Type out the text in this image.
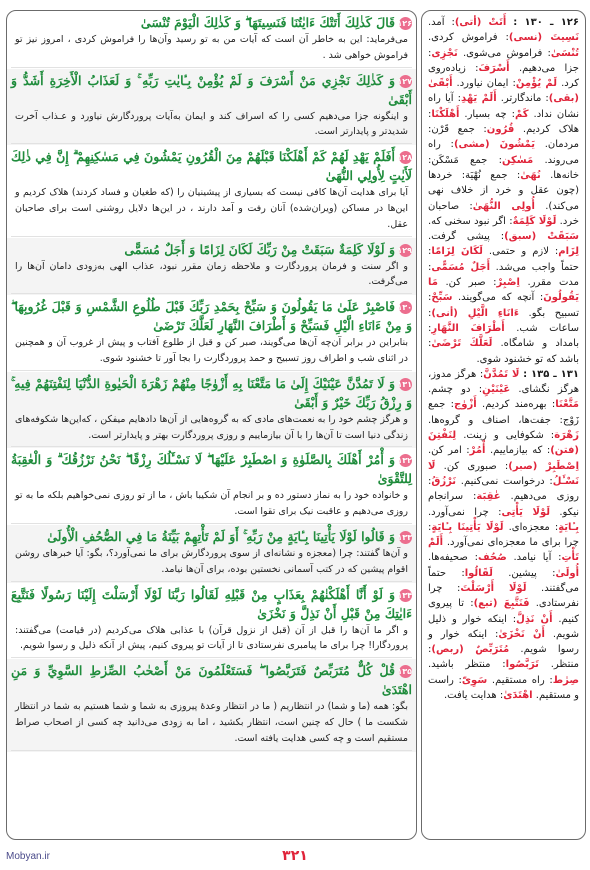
۱۲۶قَالَ كَذٰلِكَ أَتَتْكَ ءَايٰتُنَا فَنَسِيتَهَا ۖ وَ كَذٰلِكَ الْيَوْمَ تُنْسَىٰ
می‌فرماید: این به خاطر آن است که آیات من به تو رسید وآن‌ها را فراموش کردی ، امروز نیز تو فراموش خواهی شد .
۱۲۷وَ كَذٰلِكَ نَجْزِي مَنْ أَسْرَفَ وَ لَمْ يُؤْمِنْ بِـٔايٰتِ رَبِّهِ ۚ وَ لَعَذَابُ الْأَخِرَةِ أَشَدُّ وَ أَبْقَىٰ
و اینگونه جزا می‌دهیم کسی را که اسراف کند و ایمان به‌آیات پروردگارش نیاورد و عـذاب آخرت شدیدتر و پایدارتر است.
۱۲۸أَفَلَمْ يَهْدِ لَهُمْ كَمْ أَهْلَكْنَا قَبْلَهُمْ مِنَ الْقُرُونِ يَمْشُونَ فِي مَسٰكِنِهِمْ ۗ إِنَّ فِي ذٰلِكَ لَأَيٰتٍ لِأُولِي النُّهَىٰ
آیا برای هدایت آن‌ها کافی نیست که بسیاری از پیشینیان را (که طغیان و فساد کردند) هلاک کردیم و این‌ها در مساکن (ویران‌شده) آنان رفت و آمد دارند ، در این‌ها دلایل روشنی است برای صاحبان عقل.
۱۲۹وَ لَوْلَا كَلِمَةٌ سَبَقَتْ مِنْ رَبِّكَ لَكَانَ لِزَامًا وَ أَجَلٌ مُسَمًّى
و اگر سنت و فرمان پروردگارت و ملاحظه زمان مقرر نبود، عذاب الهی به‌زودی دامان آن‌ها را می‌گرفت.
۱۳۰فَاصْبِرْ عَلَىٰ مَا يَقُولُونَ وَ سَبِّحْ بِحَمْدِ رَبِّكَ قَبْلَ طُلُوعِ الشَّمْسِ وَ قَبْلَ غُرُوبِهَا ۖ وَ مِنْ ءَانَاءِ الَّيْلِ فَسَبِّحْ وَ أَطْرَافَ النَّهَارِ لَعَلَّكَ تَرْضَىٰ
بنابراین در برابر آن‌چه آن‌ها می‌گویند، صبر کن و قبل از طلوع آفتاب و پیش از غروب آن و همچنین در اثنای شب و اطراف روز تسبیح و حمد پروردگارت را بجا آور تا خشنود شوی.
۱۳۱وَ لَا تَمُدَّنَّ عَيْنَيْكَ إِلَىٰ مَا مَتَّعْنَا بِهِ أَزْوٰجًا مِنْهُمْ زَهْرَةَ الْحَيٰوةِ الدُّنْيَا لِنَفْتِنَهُمْ فِيهِ ۚ وَ رِزْقُ رَبِّكَ خَيْرٌ وَ أَبْقَىٰ
و هرگز چشم خود را به نعمت‌های مادی که به گروه‌هایی از آن‌ها دادهایم میفکن ، که‌این‌ها شکوفه‌های زندگی دنیا است تا آن‌ها را با آن بیازماییم و روزی پروردگارت بهتر و پایدارتر است.
۱۳۲وَ أْمُرْ أَهْلَكَ بِالصَّلَوٰةِ وَ اصْطَبِرْ عَلَيْهَا ۖ لَا نَسْـَٔلُكَ رِزْقًا ۖ نَحْنُ نَرْزُقُكَ ۗ وَ الْعٰقِبَةُ لِلتَّقْوَىٰ
و خانواده خود را به نماز دستور ده و بر انجام آن شکیبا باش ، ما از تو روزی نمی‌خواهیم بلکه ما به تو روزی می‌دهیم و عاقبت نیک برای تقوا است.
۱۳۳وَ قَالُوا لَوْلَا يَأْتِينَا بِـٔايَةٍ مِنْ رَبِّهِ ۚ أَوَ لَمْ تَأْتِهِمْ بَيِّنَةُ مَا فِي الصُّحُفِ الْأُولَىٰ
و آن‌ها گفتند: چرا (معجزه و نشانه‌ای از سوی پروردگارش برای ما نمی‌آورد؟، بگو: آیا خبرهای روشن اقوام پیشین که در کتب آسمانی نخستین بوده، برای آن‌ها نیامد.
۱۳۴وَ لَوْ أَنَّا أَهْلَكْنٰهُمْ بِعَذَابٍ مِنْ قَبْلِهِ لَقَالُوا رَبَّنَا لَوْلَا أَرْسَلْتَ إِلَيْنَا رَسُولًا فَنَتَّبِعَ ءَايٰتِكَ مِنْ قَبْلِ أَنْ نَذِلَّ وَ نَخْزَىٰ
و اگر ما آن‌ها را قبل از آن (قبل از نزول قرآن) با عذابی هلاک می‌کردیم (در قیامت) می‌گفتند: پروردگارا! چرا برای ما پیامبری نفرستادی تا از آیات تو پیروی کنیم، پیش از آنکه ذلیل و رسوا شویم.
۱۳۵قُلْ كُلٌّ مُتَرَبِّصٌ فَتَرَبَّصُوا ۖ فَسَتَعْلَمُونَ مَنْ أَصْحٰبُ الصِّرٰطِ السَّوِيِّ وَ مَنِ اهْتَدَىٰ
بگو: همه (ما و شما) در انتظاریم ( ما در انتظار وعدهٔ پیروزی به شما و شما هستیم به شما در انتظار شکست ما ) حال که چنین است، انتظار بکشید ، اما به زودی می‌دانید چه کسی از اصحاب صراط مستقیم است و چه کسی هدایت یافته است.
۱۲۶ ـ ۱۳۰ : أَتَتْ (أتی): آمد. نَسِیتَ (نسی): فراموش کردی. تُنْسَىٰ: فراموش می‌شوی. نَجْزِی: جزا می‌دهیم. أَسْرَفَ: زیاده‌روی کرد. لَمْ یُؤْمِنْ: ایمان نیاورد. أَبْقَىٰ (بقی): ماندگارتر. أَلَمْ یَهْدِ: آیا راه نشان نداد. کَمْ: چه بسیار. أَهْلَكْنَا: هلاک کردیم. قُرُون: جمع قَرْن: مردمان. یَمْشُونَ (مشی): راه می‌روند. مَسٰكِن: جمع مَسْکَن: خانه‌ها. نُهَىٰ: جمع نُهْیَة: خردها (چون عقل و خرد از خلاف نهی می‌کند). أُولِى النُّهَىٰ: صاحبان خرد. لَوْلَا كَلِمَةٌ: اگر نبود سخنی که. سَبَقَتْ (سبق): پیشی گرفت. لِزَام: لازم و حتمی. لَكَانَ لِزَامًا: حتماً واجب می‌شد. أَجَلٌ مُسَمًّى: مدت مقرر. اِصْبِرْ: صبر کن. مَا یَقُولُونَ: آنچه که می‌گویند. سَبِّحْ: تسبیح بگو. ءَانَاءِ الَّیْلِ (أنی): ساعات شب. أَطْرَافَ النَّهَارِ: بامداد و شامگاه. لَعَلَّكَ تَرْضَىٰ: باشد که تو خشنود شوی.
۱۳۱ ـ ۱۳۵ : لَا تَمُدَّنَّ: هرگز مدوز، هرگز نگشای. عَیْنَیْنِ: دو چشم. مَتَّعْنَا: بهره‌مند کردیم. أَزْوٰج: جمع زَوْج: جفت‌ها، اصناف و گروه‌ها. زَهْرَة: شکوفایی و زینت. لِنَفْتِنَ (فتن): که بیازماییم. أْمُرْ: امر کن. اِصْطَبِرْ (صبر): صبوری کن. لَا نَسْـَٔلُ: درخواست نمی‌کنیم. نَرْزُقُ: روزی می‌دهیم. عٰقِبَة: سرانجام نیکو. لَوْلَا یَأْتِی: چرا نمی‌آورد. بِـٔايَةٍ: معجزه‌ای. لَوْلَا یَأْتِینَا بِـٔایَةٍ: چرا برای ما معجزه‌ای نمی‌آورد. أَلَمْ تَأْتِ: آیا نیامد. صُحُف: صحیفه‌ها. أُولَىٰ: پیشین. لَقَالُوا: حتماً می‌گفتند. لَوْلَا أَرْسَلْتَ: چرا نفرستادی. فَنَتَّبِعَ (تبع): تا پیروی کنیم. أَنْ نَذِلَّ: اینکه خوار و ذلیل شویم. أَنْ نَخْزَىٰ: اینکه خوار و رسوا شویم. مُتَرَبِّصٌ (ربص): منتظر. تَرَبَّصُوا: منتظر باشید. صِرٰط: راه مستقیم. سَوِیّ: راست و مستقیم. اهْتَدَىٰ: هدایت یافت.
Mobyan.ir	۳۲۱
